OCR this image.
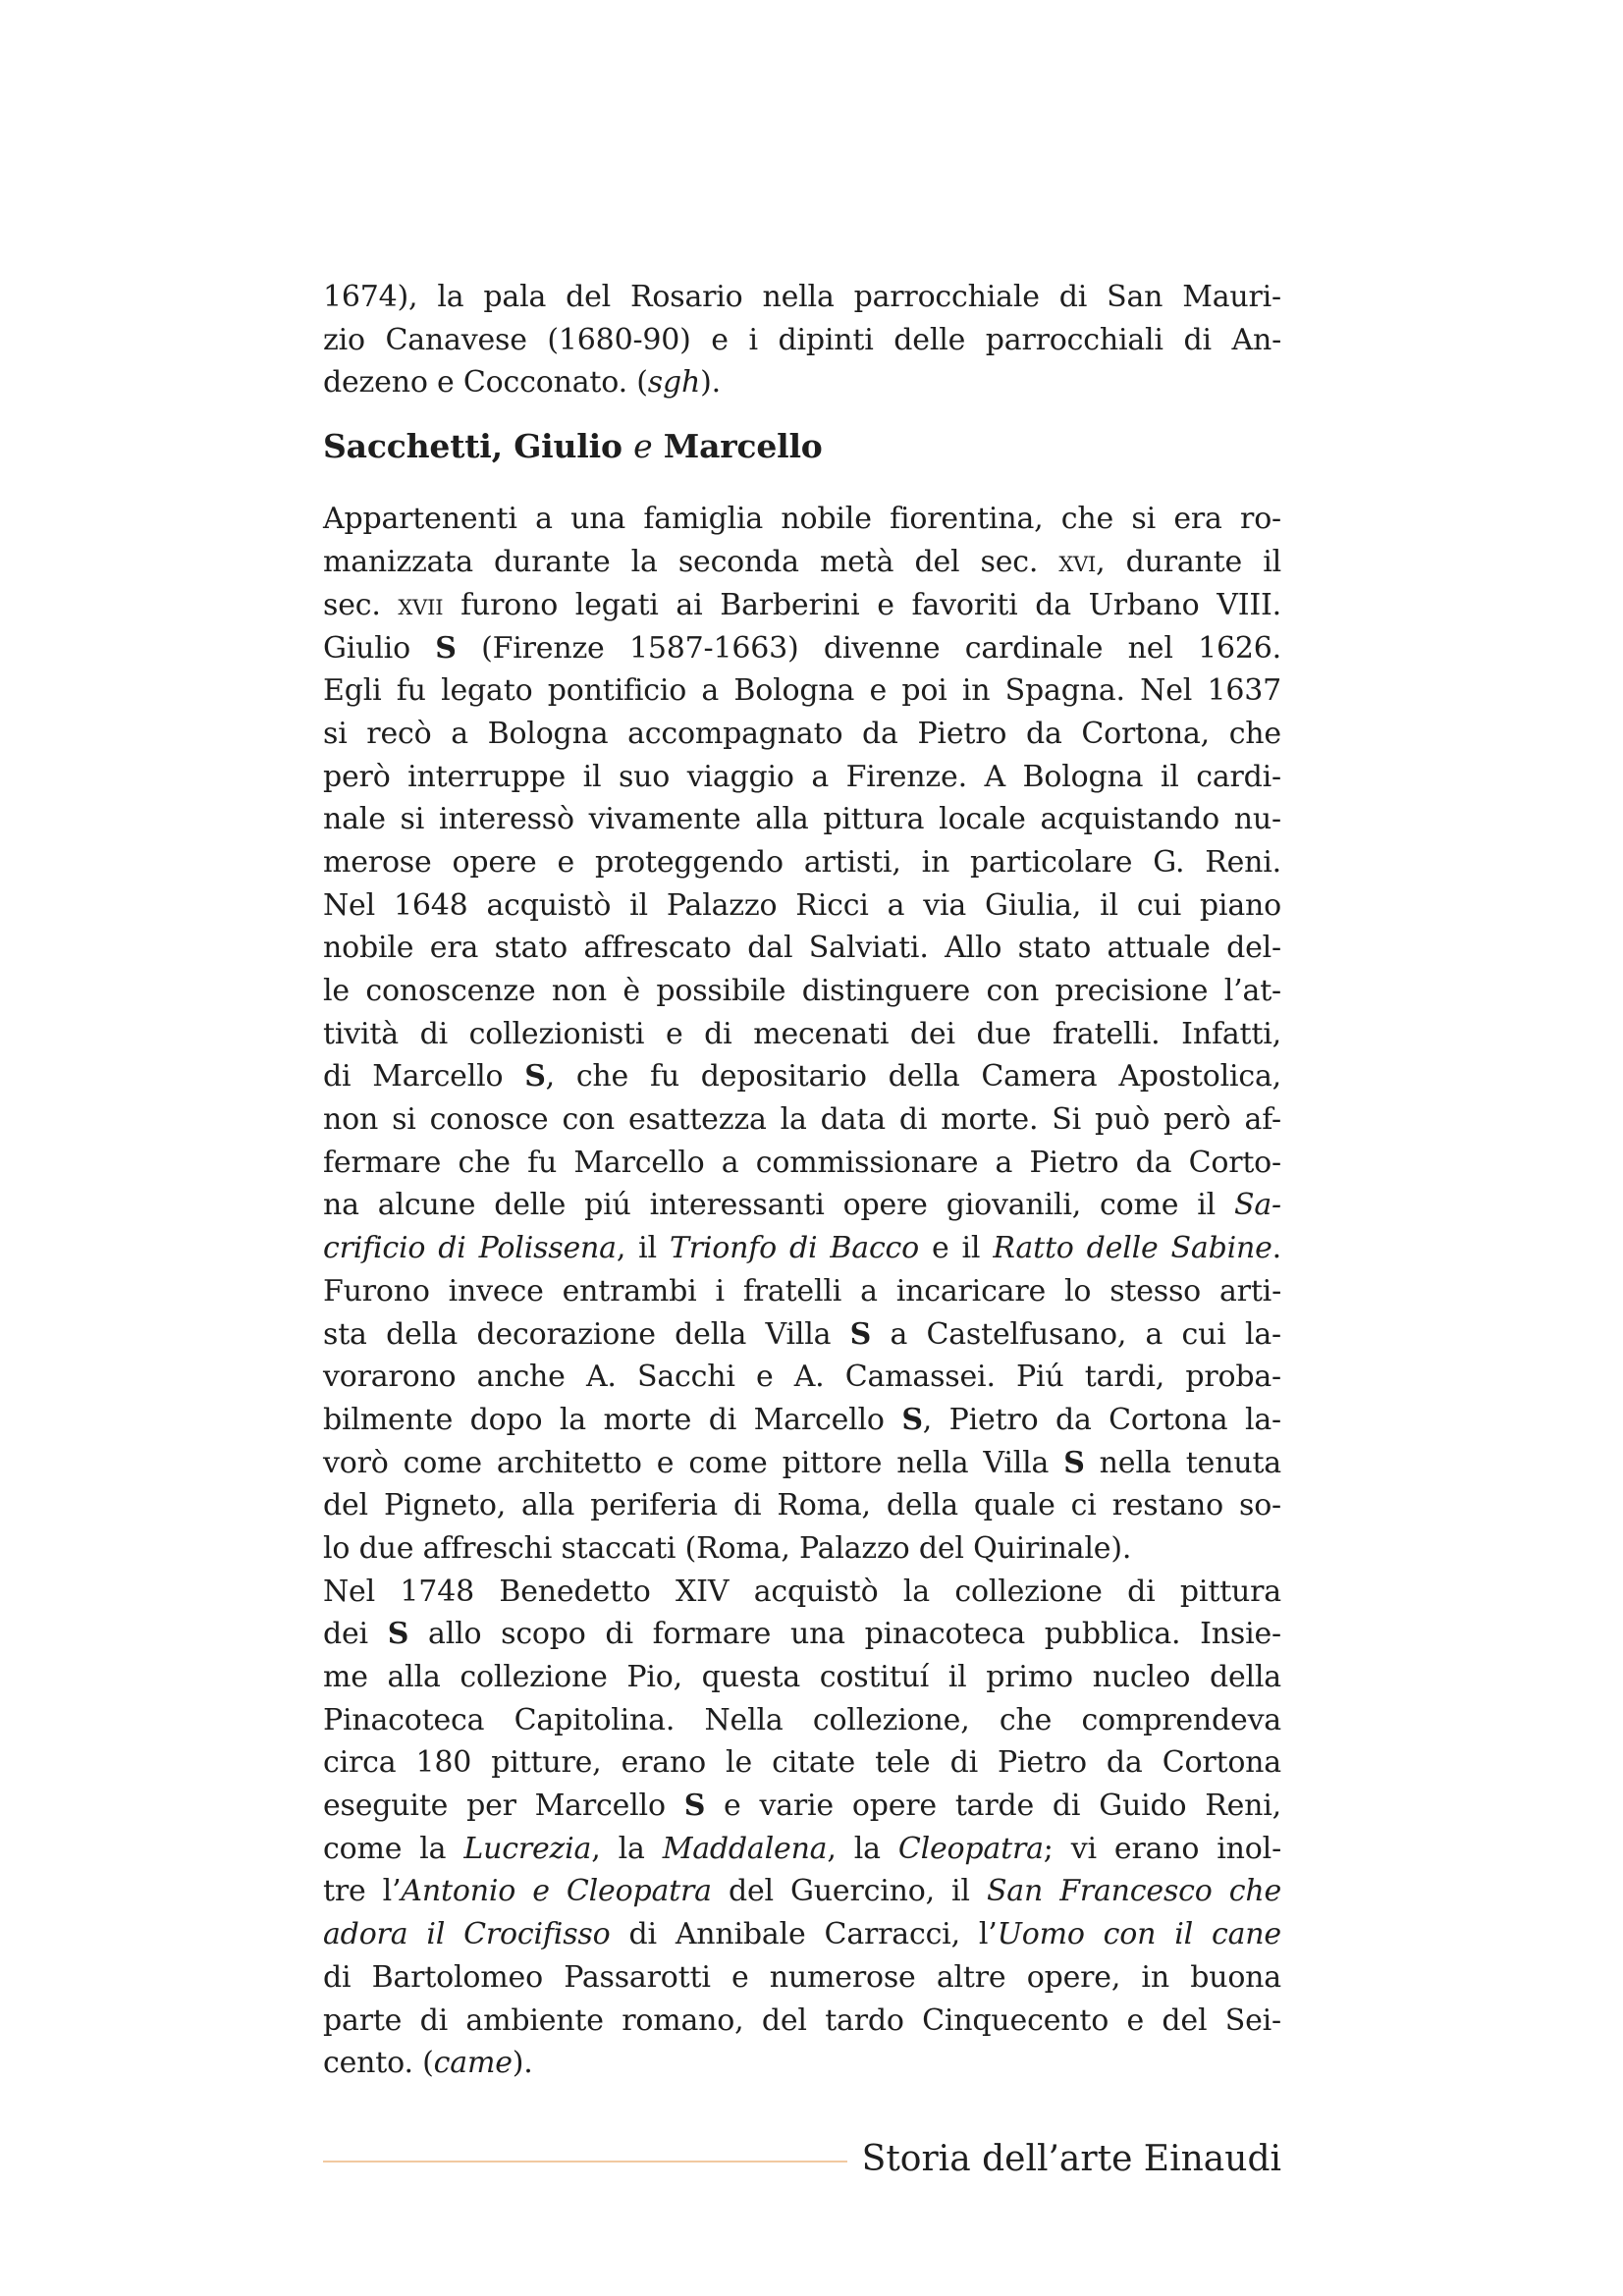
1674), la pala del Rosario nella parrocchiale di San Mauri-
zio Canavese (1680-90) e i dipinti delle parrocchiali di An-
dezeno e Cocconato. (sgh).
Sacchetti, Giulio e Marcello
Appartenenti a una famiglia nobile fiorentina, che si era ro-
manizzata durante la seconda metà del sec. xvi, durante il
sec. xvii furono legati ai Barberini e favoriti da Urbano VIII.
Giulio S (Firenze 1587-1663) divenne cardinale nel 1626.
Egli fu legato pontificio a Bologna e poi in Spagna. Nel 1637
si recò a Bologna accompagnato da Pietro da Cortona, che
però interruppe il suo viaggio a Firenze. A Bologna il cardi-
nale si interessò vivamente alla pittura locale acquistando nu-
merose opere e proteggendo artisti, in particolare G. Reni.
Nel 1648 acquistò il Palazzo Ricci a via Giulia, il cui piano
nobile era stato affrescato dal Salviati. Allo stato attuale del-
le conoscenze non è possibile distinguere con precisione l’at-
tività di collezionisti e di mecenati dei due fratelli. Infatti,
di Marcello S, che fu depositario della Camera Apostolica,
non si conosce con esattezza la data di morte. Si può però af-
fermare che fu Marcello a commissionare a Pietro da Corto-
na alcune delle piú interessanti opere giovanili, come il Sa-
crificio di Polissena, il Trionfo di Bacco e il Ratto delle Sabine.
Furono invece entrambi i fratelli a incaricare lo stesso arti-
sta della decorazione della Villa S a Castelfusano, a cui la-
vorarono anche A. Sacchi e A. Camassei. Piú tardi, proba-
bilmente dopo la morte di Marcello S, Pietro da Cortona la-
vorò come architetto e come pittore nella Villa S nella tenuta
del Pigneto, alla periferia di Roma, della quale ci restano so-
lo due affreschi staccati (Roma, Palazzo del Quirinale).
Nel 1748 Benedetto XIV acquistò la collezione di pittura
dei S allo scopo di formare una pinacoteca pubblica. Insie-
me alla collezione Pio, questa costituí il primo nucleo della
Pinacoteca Capitolina. Nella collezione, che comprendeva
circa 180 pitture, erano le citate tele di Pietro da Cortona
eseguite per Marcello S e varie opere tarde di Guido Reni,
come la Lucrezia, la Maddalena, la Cleopatra; vi erano inol-
tre l’Antonio e Cleopatra del Guercino, il San Francesco che
adora il Crocifisso di Annibale Carracci, l’Uomo con il cane
di Bartolomeo Passarotti e numerose altre opere, in buona
parte di ambiente romano, del tardo Cinquecento e del Sei-
cento. (came).
Storia dell’arte Einaudi
